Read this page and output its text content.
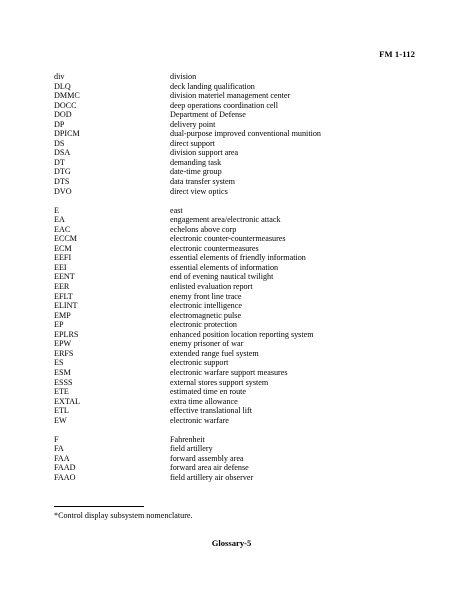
FM 1-112
div	division
DLQ	deck landing qualification
DMMC	division materiel management center
DOCC	deep operations coordination cell
DOD	Department of Defense
DP	delivery point
DPICM	dual-purpose improved conventional munition
DS	direct support
DSA	division support area
DT	demanding task
DTG	date-time group
DTS	data transfer system
DVO	direct view optics
E	east
EA	engagement area/electronic attack
EAC	echelons above corp
ECCM	electronic counter-countermeasures
ECM	electronic countermeasures
EEFI	essential elements of friendly information
EEI	essential elements of information
EENT	end of evening nautical twilight
EER	enlisted evaluation report
EFLT	enemy front line trace
ELINT	electronic intelligence
EMP	electromagnetic pulse
EP	electronic protection
EPLRS	enhanced position location reporting system
EPW	enemy prisoner of war
ERFS	extended range fuel system
ES	electronic support
ESM	electronic warfare support measures
ESSS	external stores support system
ETE	estimated time en route
EXTAL	extra time allowance
ETL	effective translational lift
EW	electronic warfare
F	Fahrenheit
FA	field artillery
FAA	forward assembly area
FAAD	forward area air defense
FAAO	field artillery air observer
*Control display subsystem nomenclature.
Glossary-5
